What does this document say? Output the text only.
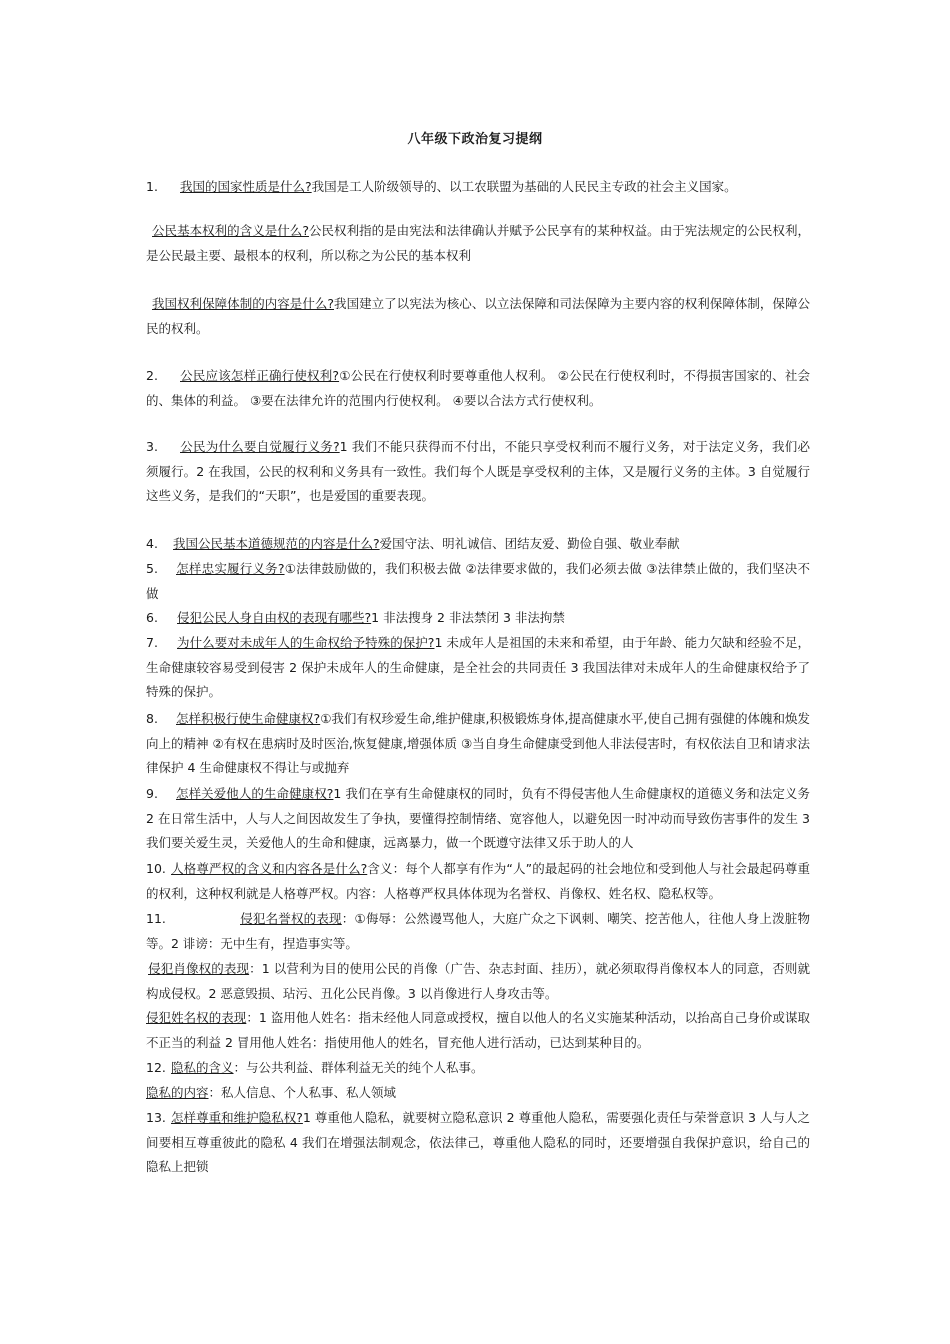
八年级下政治复习提纲
1. 我国的国家性质是什么?我国是工人阶级领导的、以工农联盟为基础的人民民主专政的社会主义国家。
公民基本权利的含义是什么?公民权利指的是由宪法和法律确认并赋予公民享有的某种权益。由于宪法规定的公民权利，是公民最主要、最根本的权利，所以称之为公民的基本权利
我国权利保障体制的内容是什么?我国建立了以宪法为核心、以立法保障和司法保障为主要内容的权利保障体制，保障公民的权利。
2. 公民应该怎样正确行使权利?①公民在行使权利时要尊重他人权利。 ②公民在行使权利时，不得损害国家的、社会的、集体的利益。 ③要在法律允许的范围内行使权利。 ④要以合法方式行使权利。
3. 公民为什么要自觉履行义务?1 我们不能只获得而不付出，不能只享受权利而不履行义务，对于法定义务，我们必须履行。2 在我国，公民的权利和义务具有一致性。我们每个人既是享受权利的主体，又是履行义务的主体。3 自觉履行这些义务，是我们的“天职”，也是爱国的重要表现。
4. 我国公民基本道德规范的内容是什么?爱国守法、明礼诚信、团结友爱、勤俭自强、敬业奉献
5. 怎样忠实履行义务?①法律鼓励做的，我们积极去做 ②法律要求做的，我们必须去做 ③法律禁止做的，我们坚决不做
6. 侵犯公民人身自由权的表现有哪些?1 非法搜身 2 非法禁闭 3 非法拘禁
7. 为什么要对未成年人的生命权给予特殊的保护?1 未成年人是祖国的未来和希望，由于年龄、能力欠缺和经验不足，生命健康较容易受到侵害 2 保护未成年人的生命健康，是全社会的共同责任 3 我国法律对未成年人的生命健康权给予了特殊的保护。
8. 怎样积极行使生命健康权?①我们有权珍爱生命,维护健康,积极锻炼身体,提高健康水平,使自己拥有强健的体魄和焕发向上的精神 ②有权在患病时及时医治,恢复健康,增强体质 ③当自身生命健康受到他人非法侵害时，有权依法自卫和请求法律保护 4 生命健康权不得让与或抛弃
9. 怎样关爱他人的生命健康权?1 我们在享有生命健康权的同时，负有不得侵害他人生命健康权的道德义务和法定义务 2 在日常生活中，人与人之间因故发生了争执，要懂得控制情绪、宽容他人，以避免因一时冲动而导致伤害事件的发生 3 我们要关爱生灵，关爱他人的生命和健康，远离暴力，做一个既遵守法律又乐于助人的人
10. 人格尊严权的含义和内容各是什么?含义：每个人都享有作为“人”的最起码的社会地位和受到他人与社会最起码尊重的权利，这种权利就是人格尊严权。内容：人格尊严权具体体现为名誉权、肖像权、姓名权、隐私权等。
11.	侵犯名誉权的表现：①侮辱：公然谩骂他人，大庭广众之下讽刺、嘲笑、挖苦他人，往他人身上泼脏物等。2 诽谤：无中生有，捏造事实等。
侵犯肖像权的表现：1 以营利为目的使用公民的肖像（广告、杂志封面、挂历），就必须取得肖像权本人的同意，否则就构成侵权。2 恶意毁损、玷污、丑化公民肖像。3 以肖像进行人身攻击等。
侵犯姓名权的表现：1 盗用他人姓名：指未经他人同意或授权，擅自以他人的名义实施某种活动，以抬高自己身价或谋取不正当的利益 2 冒用他人姓名：指使用他人的姓名，冒充他人进行活动，已达到某种目的。
12. 隐私的含义：与公共利益、群体利益无关的纯个人私事。
隐私的内容：私人信息、个人私事、私人领域
13. 怎样尊重和维护隐私权?1 尊重他人隐私，就要树立隐私意识 2 尊重他人隐私，需要强化责任与荣誉意识 3 人与人之间要相互尊重彼此的隐私 4 我们在增强法制观念，依法律己，尊重他人隐私的同时，还要增强自我保护意识，给自己的隐私上把锁
